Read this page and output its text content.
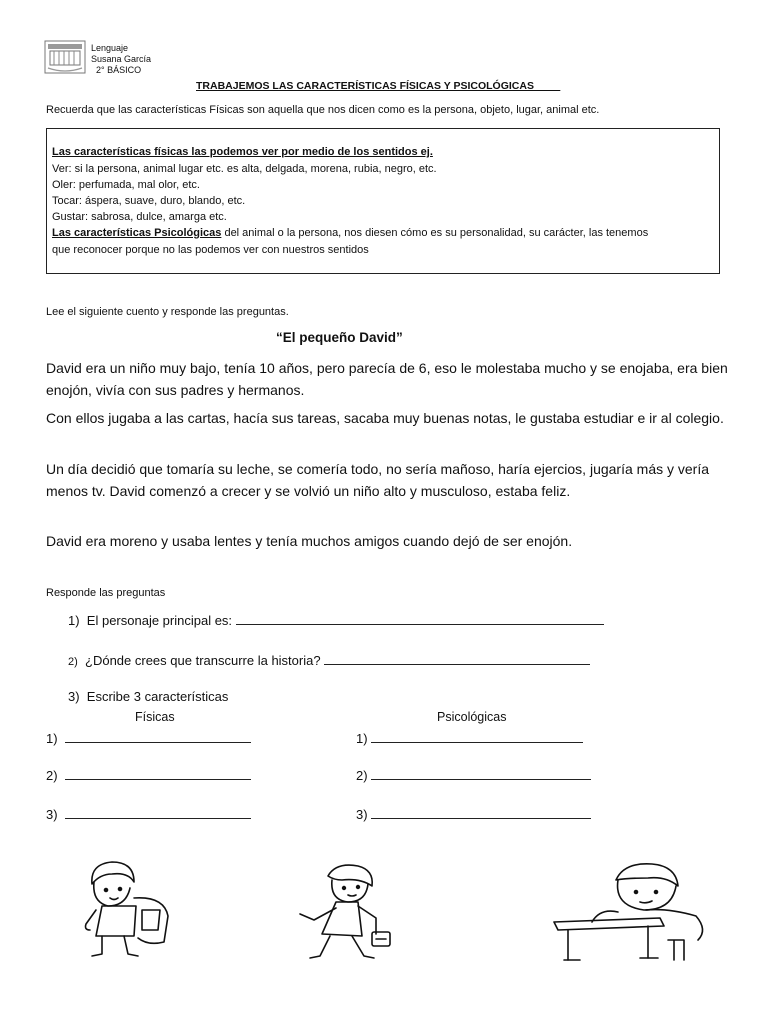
Lenguaje
Susana García
2° BÁSICO
TRABAJEMOS LAS CARACTERÍSTICAS FÍSICAS Y PSICOLÓGICAS ____
Recuerda que las características Físicas son aquella que nos dicen como es la persona, objeto, lugar, animal etc.
Las características físicas las podemos ver por medio de los sentidos ej.
Ver: si la persona, animal lugar etc. es alta, delgada, morena, rubia, negro, etc.
Oler: perfumada, mal olor, etc.
Tocar: áspera, suave, duro, blando, etc.
Gustar: sabrosa, dulce, amarga etc.
Las características Psicológicas del animal o la persona, nos diesen cómo es su personalidad, su carácter, las tenemos
que reconocer porque no las podemos ver con nuestros sentidos
Lee el siguiente cuento y responde las preguntas.
“El pequeño David”
David era un niño muy bajo, tenía 10 años, pero parecía de 6, eso le molestaba mucho y se enojaba, era bien enojón, vivía con sus padres y hermanos.
Con ellos jugaba a las cartas, hacía sus tareas, sacaba muy buenas notas, le gustaba estudiar e ir al colegio.
Un día decidió que tomaría su leche, se comería todo, no sería mañoso, haría ejercios, jugaría más y vería menos tv. David comenzó a crecer y se volvió un niño alto y musculoso, estaba feliz.
David era moreno y usaba lentes y tenía muchos amigos cuando dejó de ser enojón.
Responde las preguntas
1) El personaje principal es:
2) ¿Dónde crees que transcurre la historia?
3) Escribe 3 características
Físicas	Psicológicas
1)
2)
3)
1)
2)
3)
